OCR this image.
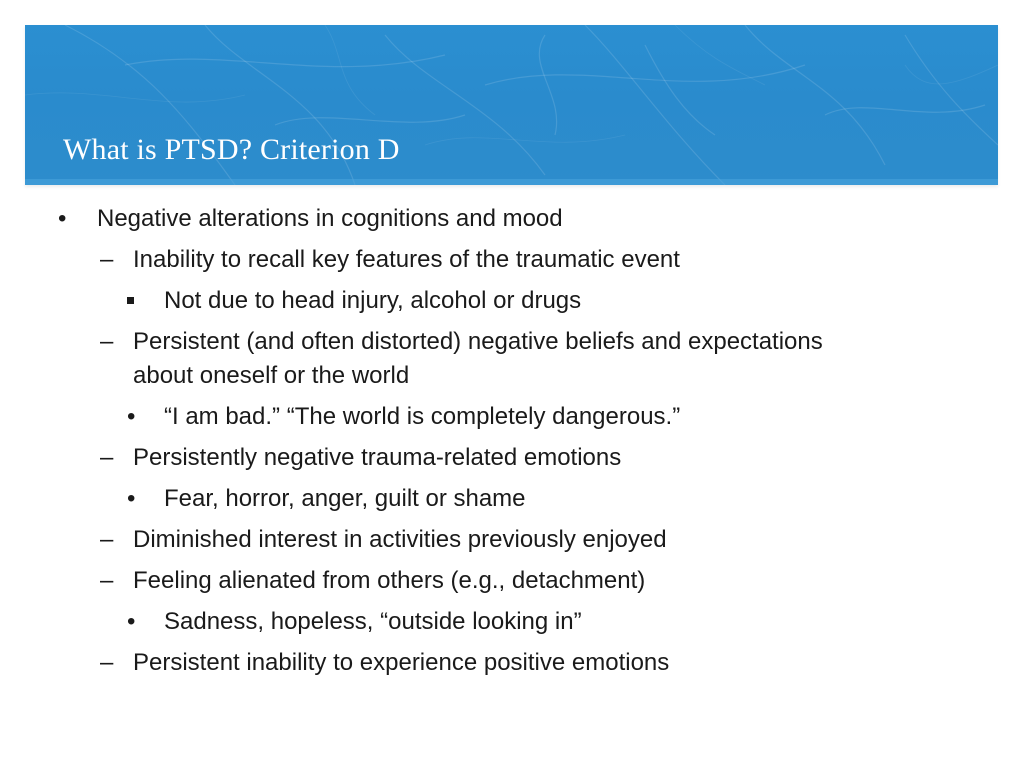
What is PTSD? Criterion D
• Negative alterations in cognitions and mood
– Inability to recall key features of the traumatic event
Not due to head injury, alcohol or drugs
– Persistent (and often distorted) negative beliefs and expectations
about oneself or the world
• “I am bad.” “The world is completely dangerous.”
– Persistently negative trauma-related emotions
• Fear, horror, anger, guilt or shame
– Diminished interest in activities previously enjoyed
– Feeling alienated from others (e.g., detachment)
• Sadness, hopeless, “outside looking in”
– Persistent inability to experience positive emotions
